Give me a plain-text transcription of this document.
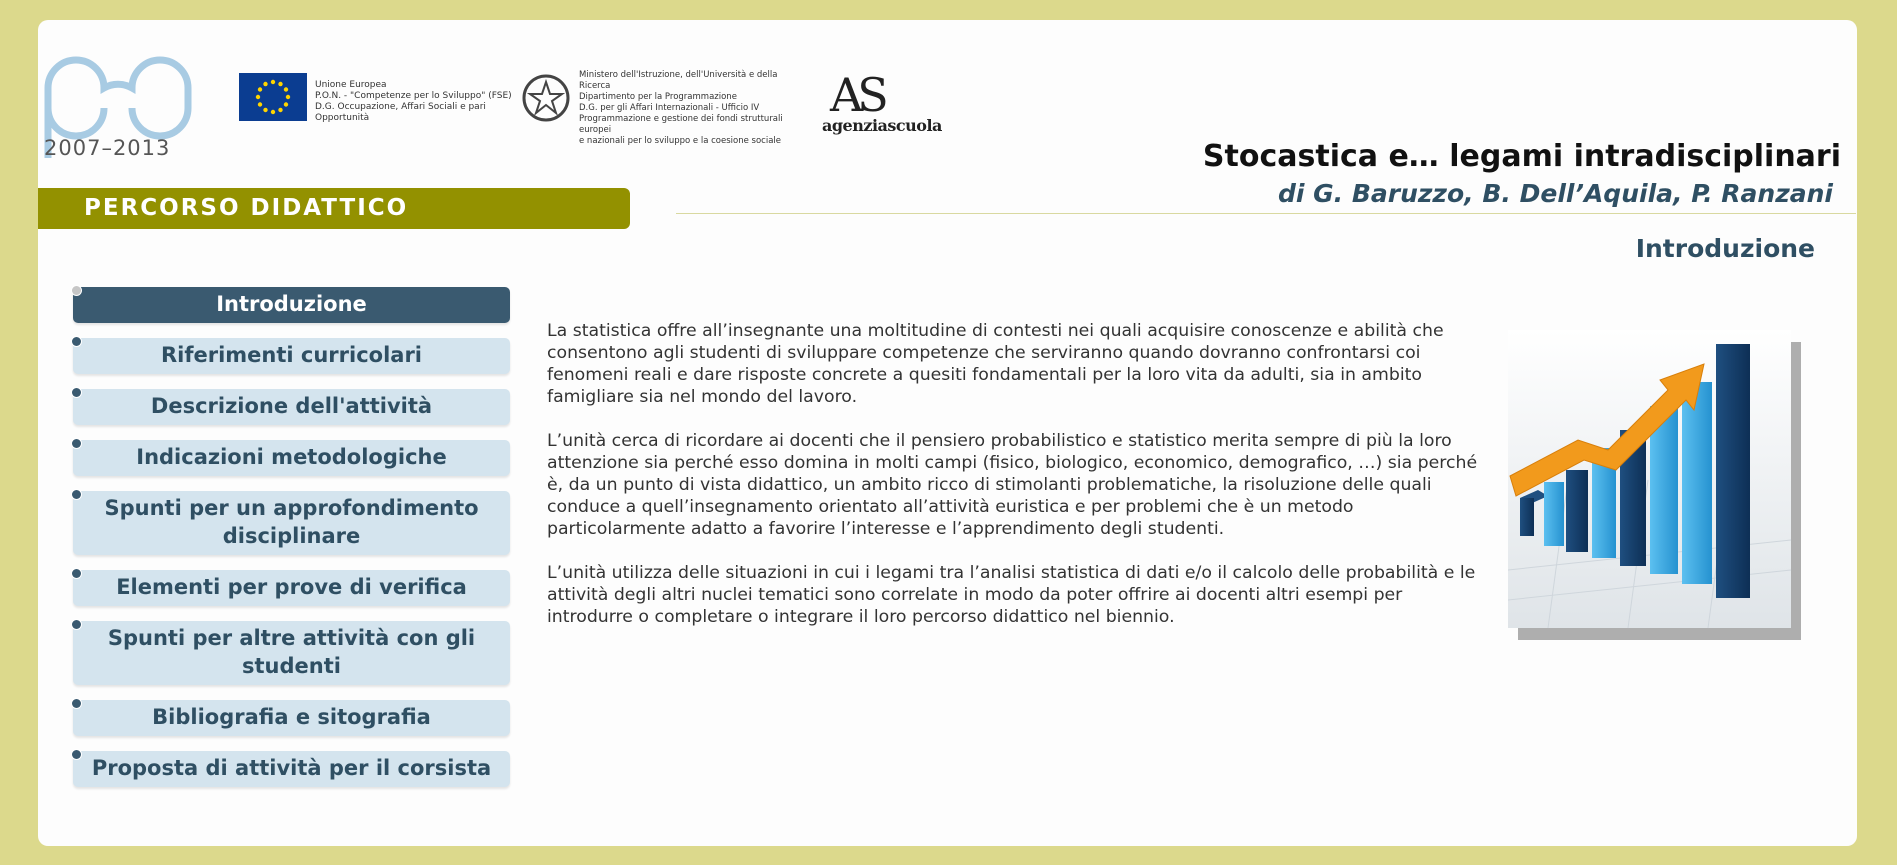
2007–2013
Unione Europea
P.O.N. - "Competenze per lo Sviluppo" (FSE)
D.G. Occupazione, Affari Sociali e pari Opportunità
Ministero dell'Istruzione, dell'Università e della Ricerca
Dipartimento per la Programmazione
D.G. per gli Affari Internazionali - Ufficio IV
Programmazione e gestione dei fondi strutturali europei
e nazionali per lo sviluppo e la coesione sociale
AS
agenziascuola
Stocastica e… legami intradisciplinari
di G. Baruzzo, B. Dell’Aquila, P. Ranzani
PERCORSO DIDATTICO
Introduzione
Introduzione
Riferimenti curricolari
Descrizione dell'attività
Indicazioni metodologiche
Spunti per un approfondimento disciplinare
Elementi per prove di verifica
Spunti per altre attività con gli studenti
Bibliografia e sitografia
Proposta di attività per il corsista

La statistica offre all’insegnante una moltitudine di contesti nei quali acquisire conoscenze e abilità che consentono agli studenti di sviluppare competenze che serviranno quando dovranno confrontarsi coi fenomeni reali e dare risposte concrete a quesiti fondamentali per la loro vita da adulti, sia in ambito famigliare sia nel mondo del lavoro.

L’unità cerca di ricordare ai docenti che il pensiero probabilistico e statistico merita sempre di più la loro attenzione sia perché esso domina in molti campi (fisico, biologico, economico, demografico, …) sia perché è, da un punto di vista didattico, un ambito ricco di stimolanti problematiche, la risoluzione delle quali conduce a quell’insegnamento orientato all’attività euristica e per problemi che è un metodo particolarmente adatto a favorire l’interesse e l’apprendimento degli studenti.

L’unità utilizza delle situazioni in cui i legami tra l’analisi statistica di dati e/o il calcolo delle probabilità e le attività degli altri nuclei tematici sono correlate in modo da poter offrire ai docenti altri esempi per introdurre o completare o integrare il loro percorso didattico nel biennio.
